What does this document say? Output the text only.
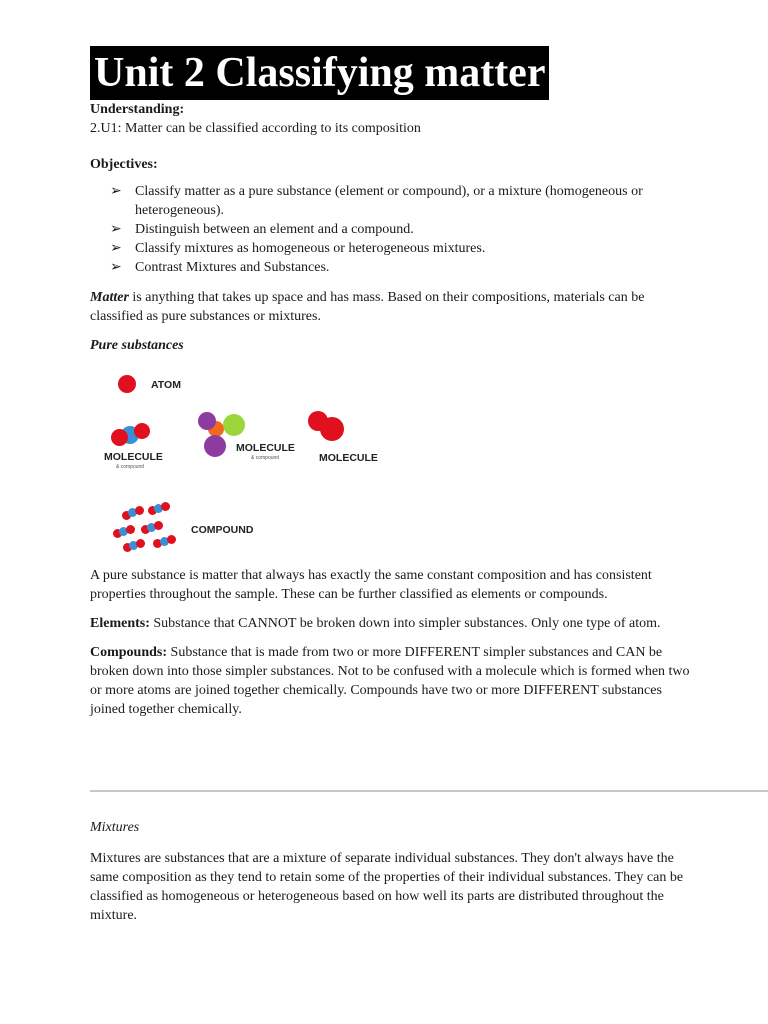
Unit 2 Classifying matter

Understanding:

2.U1: Matter can be classified according to its composition

Objectives:

➢ Classify matter as a pure substance (element or compound), or a mixture (homogeneous or heterogeneous).
➢ Distinguish between an element and a compound.
➢ Classify mixtures as homogeneous or heterogeneous mixtures.
➢ Contrast Mixtures and Substances.

Matter is anything that takes up space and has mass. Based on their compositions, materials can be classified as pure substances or mixtures.

Pure substances

ATOM
MOLECULE
& compound
MOLECULE
& compound	MOLECULE
COMPOUND

A pure substance is matter that always has exactly the same constant composition and has consistent properties throughout the sample. These can be further classified as elements or compounds.

Elements: Substance that CANNOT be broken down into simpler substances. Only one type of atom.

Compounds: Substance that is made from two or more DIFFERENT simpler substances and CAN be broken down into those simpler substances. Not to be confused with a molecule which is formed when two or more atoms are joined together chemically. Compounds have two or more DIFFERENT substances joined together chemically.

Mixtures

Mixtures are substances that are a mixture of separate individual substances. They don't always have the same composition as they tend to retain some of the properties of their individual substances. They can be classified as homogeneous or heterogeneous based on how well its parts are distributed throughout the mixture.
